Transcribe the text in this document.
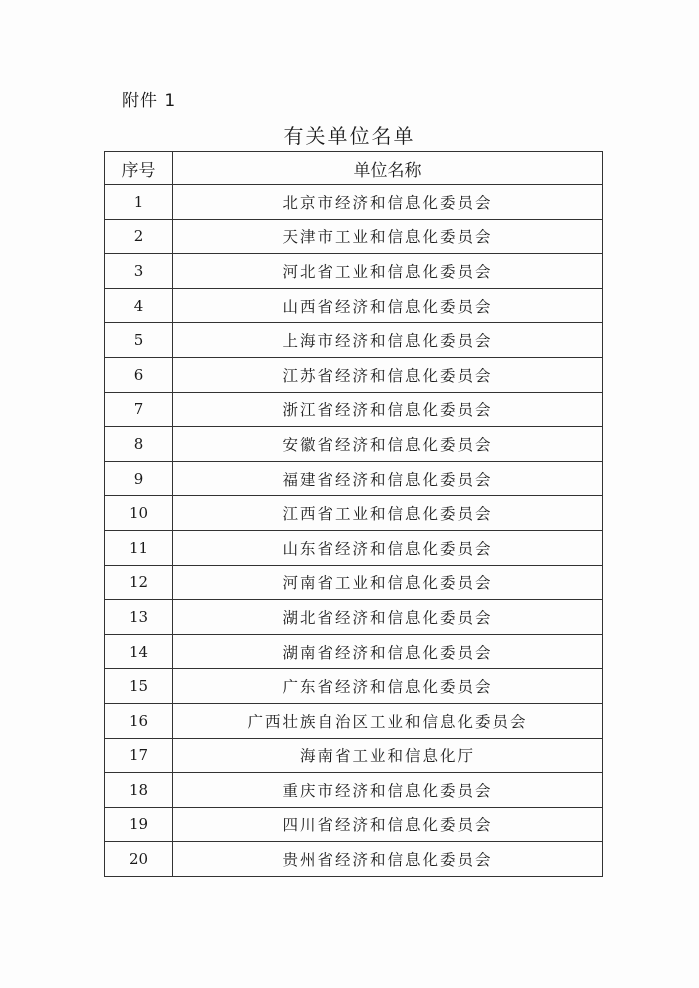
附件 1
有关单位名单
序号	单位名称
1	北京市经济和信息化委员会
2	天津市工业和信息化委员会
3	河北省工业和信息化委员会
4	山西省经济和信息化委员会
5	上海市经济和信息化委员会
6	江苏省经济和信息化委员会
7	浙江省经济和信息化委员会
8	安徽省经济和信息化委员会
9	福建省经济和信息化委员会
10	江西省工业和信息化委员会
11	山东省经济和信息化委员会
12	河南省工业和信息化委员会
13	湖北省经济和信息化委员会
14	湖南省经济和信息化委员会
15	广东省经济和信息化委员会
16	广西壮族自治区工业和信息化委员会
17	海南省工业和信息化厅
18	重庆市经济和信息化委员会
19	四川省经济和信息化委员会
20	贵州省经济和信息化委员会
